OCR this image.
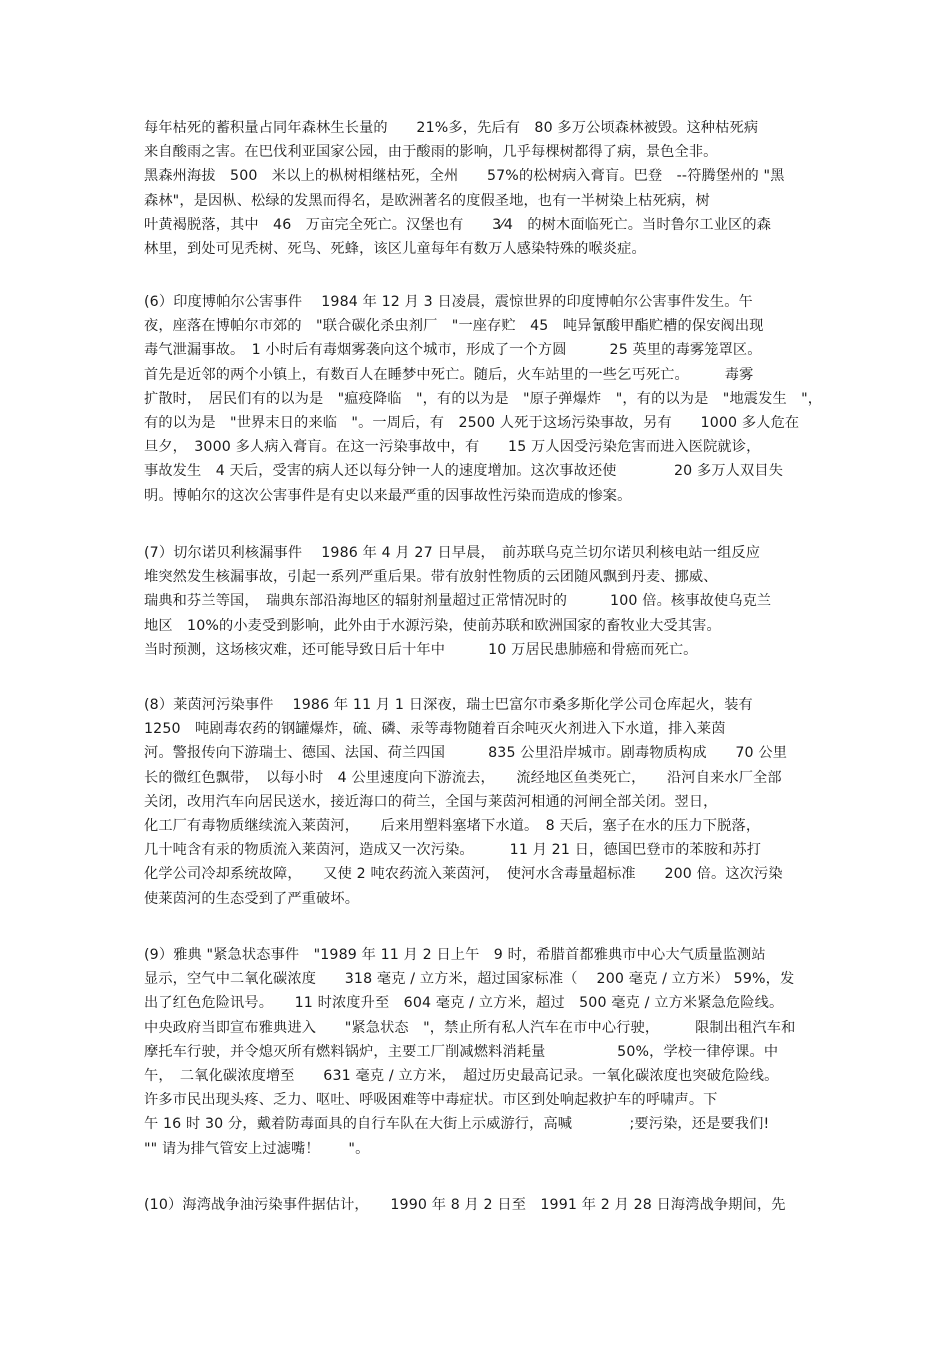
每年枯死的蓄积量占同年森林生长量的　　21%多，先后有　80 多万公顷森林被毁。这种枯死病
来自酸雨之害。在巴伐利亚国家公园，由于酸雨的影响，几乎每棵树都得了病，景色全非。
黑森州海拔　500　米以上的枞树相继枯死，全州　　57%的松树病入膏肓。巴登　--符腾堡州的 "黑
森林"，是因枞、松绿的发黑而得名，是欧洲著名的度假圣地，也有一半树染上枯死病，树
叶黄褐脱落，其中　46　万亩完全死亡。汉堡也有　　3⁄4　的树木面临死亡。当时鲁尔工业区的森
林里，到处可见秃树、死鸟、死蜂，该区儿童每年有数万人感染特殊的喉炎症。
(6）印度博帕尔公害事件　 1984 年 12 月 3 日凌晨，震惊世界的印度博帕尔公害事件发生。午
夜，座落在博帕尔市郊的　"联合碳化杀虫剂厂　"一座存贮　45　吨异氰酸甲酯贮槽的保安阀出现
毒气泄漏事故。　1 小时后有毒烟雾袭向这个城市，形成了一个方圆　　　25 英里的毒雾笼罩区。
首先是近邻的两个小镇上，有数百人在睡梦中死亡。随后，火车站里的一些乞丐死亡。　　　毒雾
扩散时，　居民们有的以为是　"瘟疫降临　"，有的以为是　"原子弹爆炸　"，有的以为是　"地震发生　"，
有的以为是　"世界末日的来临　"。一周后，有　2500 人死于这场污染事故，另有　　1000 多人危在
旦夕，　3000 多人病入膏肓。在这一污染事故中，有　　15 万人因受污染危害而进入医院就诊，
事故发生　4 天后，受害的病人还以每分钟一人的速度增加。这次事故还使　　　　20 多万人双目失
明。博帕尔的这次公害事件是有史以来最严重的因事故性污染而造成的惨案。
(7）切尔诺贝利核漏事件　 1986 年 4 月 27 日早晨，　前苏联乌克兰切尔诺贝利核电站一组反应
堆突然发生核漏事故，引起一系列严重后果。带有放射性物质的云团随风飘到丹麦、挪威、
瑞典和芬兰等国，　瑞典东部沿海地区的辐射剂量超过正常情况时的　　　100 倍。核事故使乌克兰
地区　10%的小麦受到影响，此外由于水源污染，使前苏联和欧洲国家的畜牧业大受其害。
当时预测，这场核灾难，还可能导致日后十年中　　　10 万居民患肺癌和骨癌而死亡。
(8）莱茵河污染事件　 1986 年 11 月 1 日深夜，瑞士巴富尔市桑多斯化学公司仓库起火，装有
1250　吨剧毒农药的钢罐爆炸，硫、磷、汞等毒物随着百余吨灭火剂进入下水道，排入莱茵
河。警报传向下游瑞士、德国、法国、荷兰四国　　　835 公里沿岸城市。剧毒物质构成　　70 公里
长的微红色飘带，　以每小时　4 公里速度向下游流去，　　流经地区鱼类死亡，　　沿河自来水厂全部
关闭，改用汽车向居民送水，接近海口的荷兰，全国与莱茵河相通的河闸全部关闭。翌日，
化工厂有毒物质继续流入莱茵河，　　后来用塑料塞堵下水道。　8 天后，塞子在水的压力下脱落，
几十吨含有汞的物质流入莱茵河，造成又一次污染。　　　11 月 21 日，德国巴登市的苯胺和苏打
化学公司冷却系统故障，　　又使 2 吨农药流入莱茵河，　使河水含毒量超标准　　200 倍。这次污染
使莱茵河的生态受到了严重破坏。
(9）雅典 "紧急状态事件　"1989 年 11 月 2 日上午　9 时，希腊首都雅典市中心大气质量监测站
显示，空气中二氧化碳浓度　　318 毫克 / 立方米，超过国家标准（　 200 毫克 / 立方米） 59%，发
出了红色危险讯号。　　11 时浓度升至　604 毫克 / 立方米，超过　500 毫克 / 立方米紧急危险线。
中央政府当即宣布雅典进入　　"紧急状态　"，禁止所有私人汽车在市中心行驶，　　　限制出租汽车和
摩托车行驶，并令熄灭所有燃料锅炉，主要工厂削减燃料消耗量　　　　　50%，学校一律停课。中
午，　二氧化碳浓度增至　　631 毫克 / 立方米，　超过历史最高记录。一氧化碳浓度也突破危险线。
许多市民出现头疼、乏力、呕吐、呼吸困难等中毒症状。市区到处响起救护车的呼啸声。下
午 16 时 30 分，戴着防毒面具的自行车队在大街上示威游行，高喊　　　　;要污染，还是要我们!
"" 请为排气管安上过滤嘴！　　"。
(10）海湾战争油污染事件据估计，　　1990 年 8 月 2 日至　1991 年 2 月 28 日海湾战争期间，先
